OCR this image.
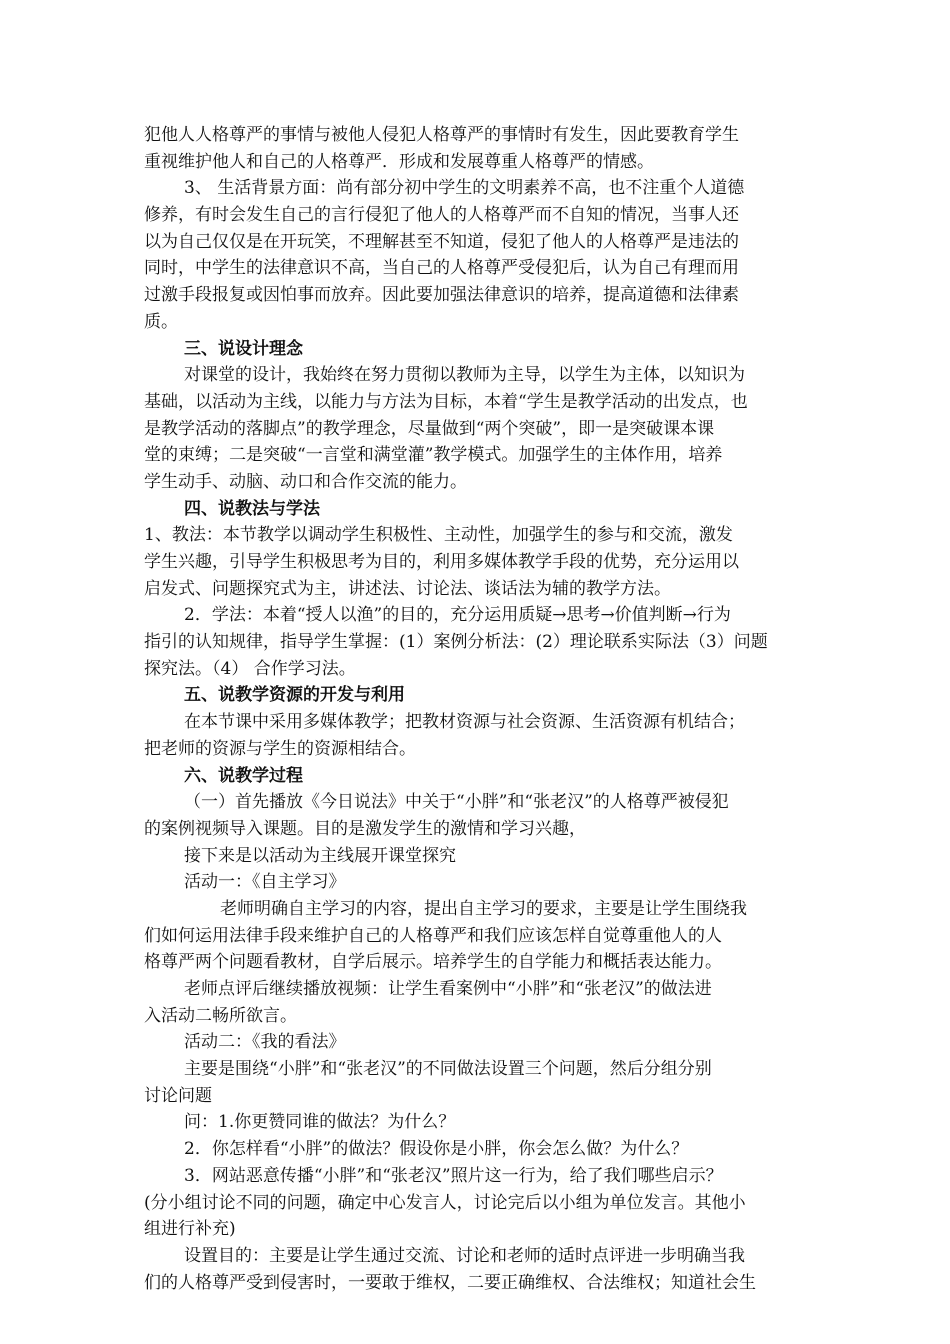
犯他人人格尊严的事情与被他人侵犯人格尊严的事情时有发生，因此要教育学生
重视维护他人和自己的人格尊严．形成和发展尊重人格尊严的情感。
3、 生活背景方面：尚有部分初中学生的文明素养不高，也不注重个人道德
修养，有时会发生自己的言行侵犯了他人的人格尊严而不自知的情况，当事人还
以为自己仅仅是在开玩笑，不理解甚至不知道，侵犯了他人的人格尊严是违法的
同时，中学生的法律意识不高，当自己的人格尊严受侵犯后，认为自己有理而用
过激手段报复或因怕事而放弃。因此要加强法律意识的培养，提高道德和法律素
质。
三、说设计理念
对课堂的设计，我始终在努力贯彻以教师为主导，以学生为主体，以知识为
基础，以活动为主线，以能力与方法为目标，本着“学生是教学活动的出发点，也
是教学活动的落脚点”的教学理念，尽量做到“两个突破”，即一是突破课本课
堂的束缚；二是突破“一言堂和满堂灌”教学模式。加强学生的主体作用，培养
学生动手、动脑、动口和合作交流的能力。
四、说教法与学法
1、教法：本节教学以调动学生积极性、主动性，加强学生的参与和交流，激发
学生兴趣，引导学生积极思考为目的，利用多媒体教学手段的优势，充分运用以
启发式、问题探究式为主，讲述法、讨论法、谈话法为辅的教学方法。
2．学法：本着“授人以渔”的目的，充分运用质疑→思考→价值判断→行为
指引的认知规律，指导学生掌握：(1）案例分析法：(2）理论联系实际法（3）问题
探究法。（4） 合作学习法。
五、说教学资源的开发与利用
在本节课中采用多媒体教学；把教材资源与社会资源、生活资源有机结合；
把老师的资源与学生的资源相结合。
六、说教学过程
（一）首先播放《今日说法》中关于“小胖”和“张老汉”的人格尊严被侵犯
的案例视频导入课题。目的是激发学生的激情和学习兴趣，
接下来是以活动为主线展开课堂探究
活动一：《自主学习》
老师明确自主学习的内容，提出自主学习的要求，主要是让学生围绕我
们如何运用法律手段来维护自己的人格尊严和我们应该怎样自觉尊重他人的人
格尊严两个问题看教材，自学后展示。培养学生的自学能力和概括表达能力。
老师点评后继续播放视频：让学生看案例中“小胖”和“张老汉”的做法进
入活动二畅所欲言。
活动二：《我的看法》
主要是围绕“小胖”和“张老汉”的不同做法设置三个问题，然后分组分别
讨论问题
问：1.你更赞同谁的做法？为什么？
2．你怎样看“小胖”的做法？假设你是小胖，你会怎么做？为什么？
3．网站恶意传播“小胖”和“张老汉”照片这一行为，给了我们哪些启示？
(分小组讨论不同的问题，确定中心发言人，讨论完后以小组为单位发言。其他小
组进行补充)
设置目的：主要是让学生通过交流、讨论和老师的适时点评进一步明确当我
们的人格尊严受到侵害时，一要敢于维权，二要正确维权、合法维权；知道社会生
